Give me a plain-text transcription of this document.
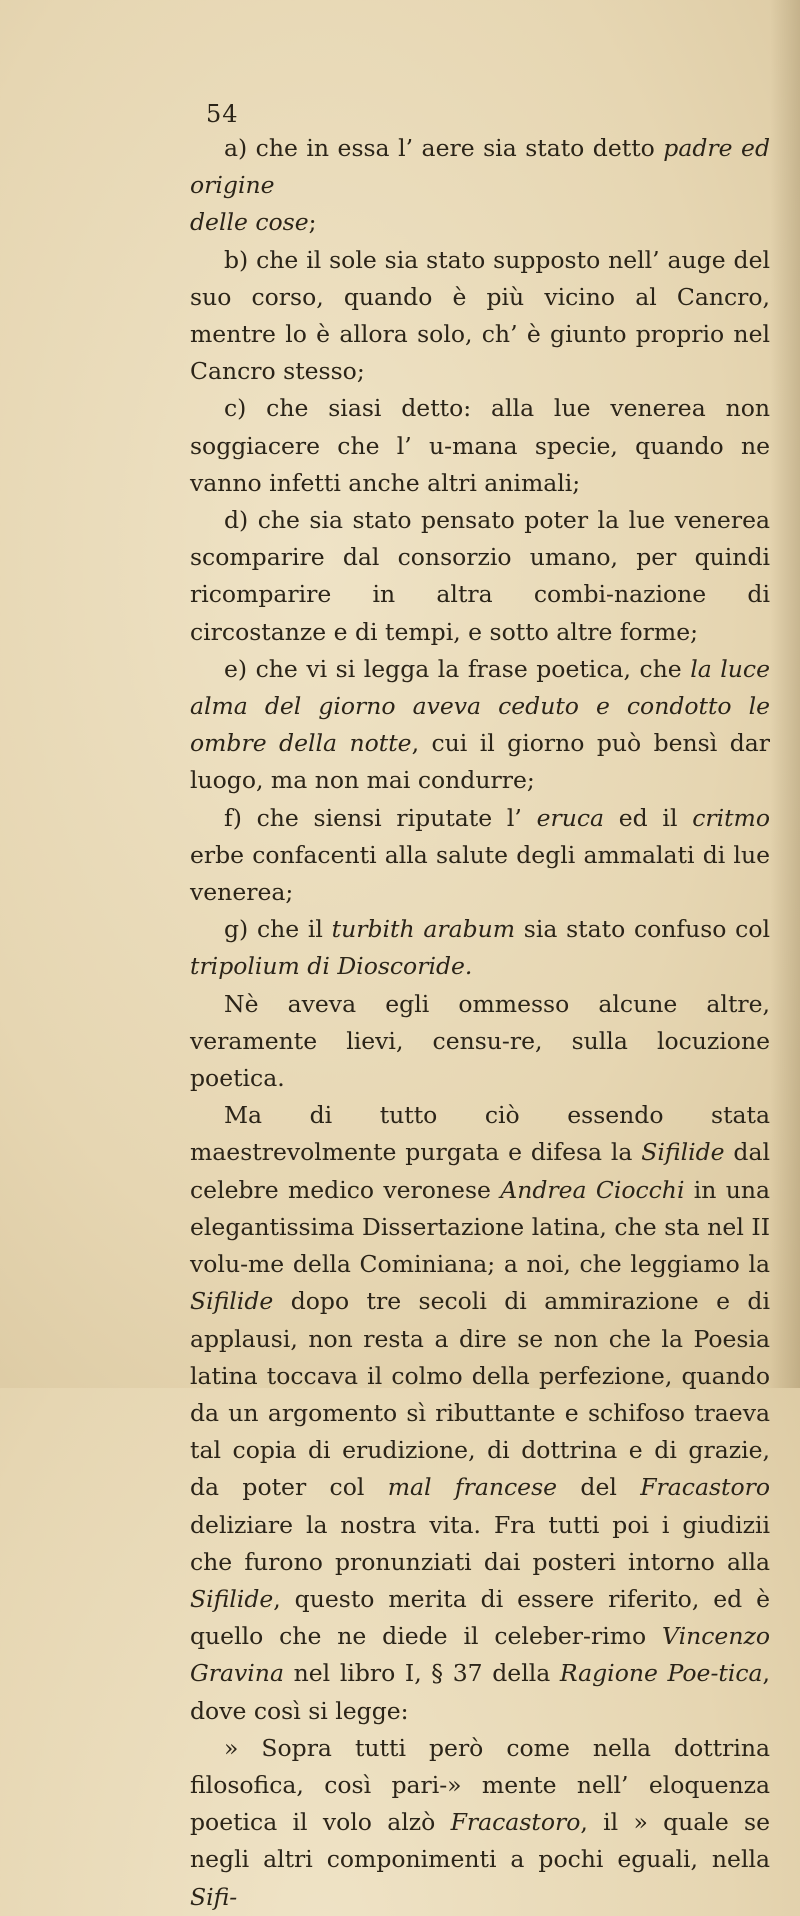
54

a) che in essa l’ aere sia stato detto padre ed origine

delle cose;

b) che il sole sia stato supposto nell’ auge del suo corso, quando è più vicino al Cancro, mentre lo è allora solo, ch’ è giunto proprio nel Cancro stesso;

c) che siasi detto: alla lue venerea non soggiacere che l’ u-mana specie, quando ne vanno infetti anche altri animali;

d) che sia stato pensato poter la lue venerea scomparire dal consorzio umano, per quindi ricomparire in altra combi-nazione di circostanze e di tempi, e sotto altre forme;

e) che vi si legga la frase poetica, che la luce alma del giorno aveva ceduto e condotto le ombre della notte, cui il giorno può bensì dar luogo, ma non mai condurre;

f) che siensi riputate l’ eruca ed il critmo erbe confacenti alla salute degli ammalati di lue venerea;

g) che il turbith arabum sia stato confuso col tripolium di Dioscoride.

Nè aveva egli ommesso alcune altre, veramente lievi, censu-re, sulla locuzione poetica.

Ma di tutto ciò essendo stata maestrevolmente purgata e difesa la Sifilide dal celebre medico veronese Andrea Ciocchi in una elegantissima Dissertazione latina, che sta nel II volu-me della Cominiana; a noi, che leggiamo la Sifilide dopo tre secoli di ammirazione e di applausi, non resta a dire se non che la Poesia latina toccava il colmo della perfezione, quando da un argomento sì ributtante e schifoso traeva tal copia di erudizione, di dottrina e di grazie, da poter col mal francese del Fracastoro deliziare la nostra vita. Fra tutti poi i giudizii che furono pronunziati dai posteri intorno alla Sifilide, questo merita di essere riferito, ed è quello che ne diede il celeber-rimo Vincenzo Gravina nel libro I, § 37 della Ragione Poe-tica, dove così si legge:

» Sopra tutti però come nella dottrina filosofica, così pari-» mente nell’ eloquenza poetica il volo alzò Fracastoro, il » quale se negli altri componimenti a pochi eguali, nella Sifi-
